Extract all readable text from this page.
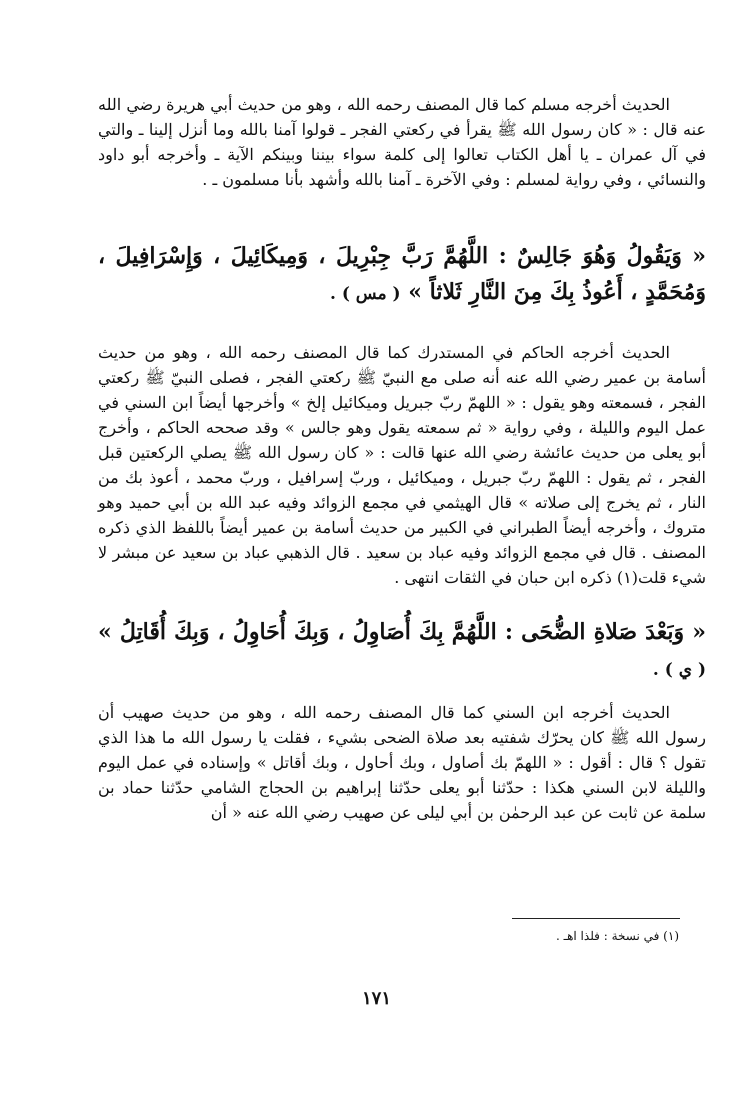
الحديث أخرجه مسلم كما قال المصنف رحمه الله ، وهو من حديث أبي هريرة رضي الله عنه قال : « كان رسول الله ﷺ يقرأ في ركعتي الفجر ـ قولوا آمنا بالله وما أنزل إلينا ـ والتي في آل عمران ـ يا أهل الكتاب تعالوا إلى كلمة سواء بيننا وبينكم الآية ـ وأخرجه أبو داود والنسائي ، وفي رواية لمسلم : وفي الآخرة ـ آمنا بالله وأشهد بأنا مسلمون ـ .

« وَيَقُولُ وَهُوَ جَالِسٌ : اللَّهُمَّ رَبَّ جِبْرِيلَ ، وَمِيكَائِيلَ ، وَإِسْرَافِيلَ ، وَمُحَمَّدٍ ، أَعُوذُ بِكَ مِنَ النَّارِ ثَلاثاً » ( مس ) .

الحديث أخرجه الحاكم في المستدرك كما قال المصنف رحمه الله ، وهو من حديث أسامة بن عمير رضي الله عنه أنه صلى مع النبيّ ﷺ ركعتي الفجر ، فصلى النبيّ ﷺ ركعتي الفجر ، فسمعته وهو يقول : « اللهمّ ربّ جبريل وميكائيل إلخ » وأخرجها أيضاً ابن السني في عمل اليوم والليلة ، وفي رواية « ثم سمعته يقول وهو جالس » وقد صححه الحاكم ، وأخرج أبو يعلى من حديث عائشة رضي الله عنها قالت : « كان رسول الله ﷺ يصلي الركعتين قبل الفجر ، ثم يقول : اللهمّ ربّ جبريل ، وميكائيل ، وربّ إسرافيل ، وربّ محمد ، أعوذ بك من النار ، ثم يخرج إلى صلاته » قال الهيثمي في مجمع الزوائد وفيه عبد الله بن أبي حميد وهو متروك ، وأخرجه أيضاً الطبراني في الكبير من حديث أسامة بن عمير أيضاً باللفظ الذي ذكره المصنف . قال في مجمع الزوائد وفيه عباد بن سعيد . قال الذهبي عباد بن سعيد عن مبشر لا شيء قلت(١) ذكره ابن حبان في الثقات انتهى .

« وَبَعْدَ صَلاةِ الضُّحَى : اللَّهُمَّ بِكَ أُصَاوِلُ ، وَبِكَ أُحَاوِلُ ، وَبِكَ أُقَاتِلُ » ( ي ) .

الحديث أخرجه ابن السني كما قال المصنف رحمه الله ، وهو من حديث صهيب أن رسول الله ﷺ كان يحرّك شفتيه بعد صلاة الضحى بشيء ، فقلت يا رسول الله ما هذا الذي تقول ؟ قال : أقول : « اللهمّ بك أصاول ، وبك أحاول ، وبك أقاتل » وإسناده في عمل اليوم والليلة لابن السني هكذا : حدّثنا أبو يعلى حدّثنا إبراهيم بن الحجاج الشامي حدّثنا حماد بن سلمة عن ثابت عن عبد الرحمٰن بن أبي ليلى عن صهيب رضي الله عنه « أن

(١) في نسخة : فلذا اهـ .
١٧١
